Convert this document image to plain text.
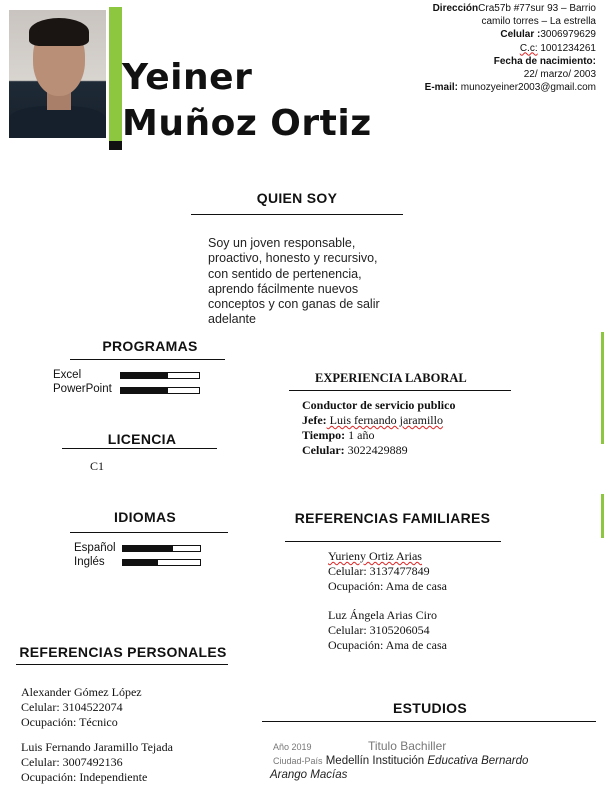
Yeiner
Muñoz Ortiz
DirecciónCra57b #77sur 93 – Barrio
camilo torres – La estrella
Celular :3006979629
C.c: 1001234261
Fecha de nacimiento:
22/ marzo/ 2003
E-mail: munozyeiner2003@gmail.com
QUIEN SOY
Soy un joven responsable,
proactivo, honesto y recursivo,
con sentido de pertenencia,
aprendo fácilmente nuevos
conceptos y con ganas de salir
adelante
PROGRAMAS
Excel
PowerPoint
EXPERIENCIA LABORAL
Conductor de servicio publico
Jefe: Luis fernando jaramillo
Tiempo: 1 año
Celular: 3022429889
LICENCIA
C1
IDIOMAS
Español
Inglés
REFERENCIAS FAMILIARES
Yurieny Ortiz Arias
Celular: 3137477849
Ocupación: Ama de casa
Luz Ángela Arias Ciro
Celular: 3105206054
Ocupación: Ama de casa
REFERENCIAS PERSONALES
Alexander Gómez López
Celular: 3104522074
Ocupación: Técnico
Luis Fernando Jaramillo Tejada
Celular: 3007492136
Ocupación: Independiente
ESTUDIOS
Año 2019	Titulo Bachiller
Ciudad-País Medellín Institución Educativa Bernardo
Arango Macías
